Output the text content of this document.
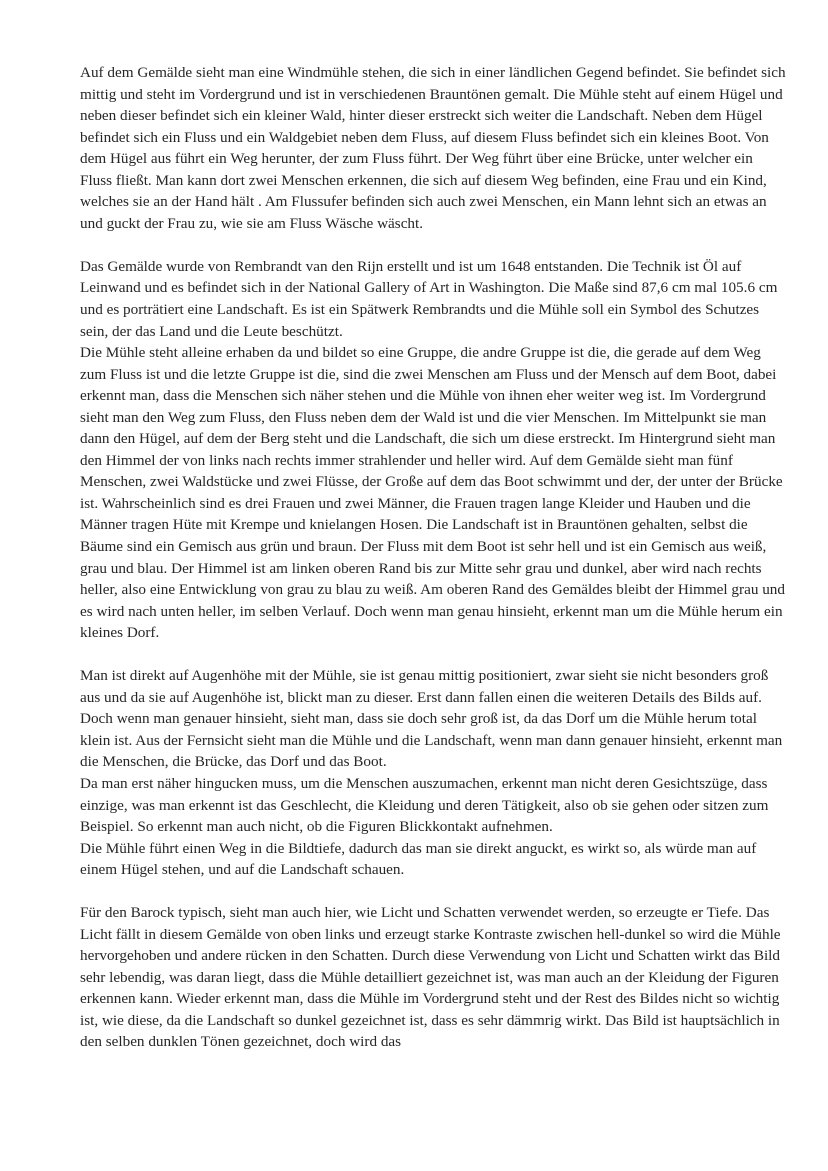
Auf dem Gemälde sieht man eine Windmühle stehen, die sich in einer ländlichen Gegend befindet. Sie befindet sich mittig und steht im Vordergrund und ist in verschiedenen Brauntönen gemalt. Die Mühle steht auf einem Hügel und neben dieser befindet sich ein kleiner Wald, hinter dieser erstreckt sich weiter die Landschaft. Neben dem Hügel befindet sich ein Fluss und ein Waldgebiet neben dem Fluss, auf diesem Fluss befindet sich ein kleines Boot. Von dem Hügel aus führt ein Weg herunter, der zum Fluss führt. Der Weg führt über eine Brücke, unter welcher ein Fluss fließt. Man kann dort zwei Menschen erkennen, die sich auf diesem Weg befinden, eine Frau und ein Kind, welches sie an der Hand hält . Am Flussufer befinden sich auch zwei Menschen, ein Mann lehnt sich an etwas an und guckt der Frau zu, wie sie am Fluss Wäsche wäscht.

Das Gemälde wurde von Rembrandt van den Rijn erstellt und ist um 1648 entstanden. Die Technik ist Öl auf Leinwand und es befindet sich in der National Gallery of Art in Washington. Die Maße sind 87,6 cm mal 105.6 cm und es porträtiert eine Landschaft. Es ist ein Spätwerk Rembrandts und die Mühle soll ein Symbol des Schutzes sein, der das Land und die Leute beschützt.

Die Mühle steht alleine erhaben da und bildet so eine Gruppe, die andre Gruppe ist die, die gerade auf dem Weg zum Fluss ist und die letzte Gruppe ist die, sind die zwei Menschen am Fluss und der Mensch auf dem Boot, dabei erkennt man, dass die Menschen sich näher stehen und die Mühle von ihnen eher weiter weg ist. Im Vordergrund sieht man den Weg zum Fluss, den Fluss neben dem der Wald ist und die vier Menschen. Im Mittelpunkt sie man dann den Hügel, auf dem der Berg steht und die Landschaft, die sich um diese erstreckt. Im Hintergrund sieht man den Himmel der von links nach rechts immer strahlender und heller wird. Auf dem Gemälde sieht man fünf Menschen, zwei Waldstücke und zwei Flüsse, der Große auf dem das Boot schwimmt und der, der unter der Brücke ist. Wahrscheinlich sind es drei Frauen und zwei Männer, die Frauen tragen lange Kleider und Hauben und die Männer tragen Hüte mit Krempe und knielangen Hosen. Die Landschaft ist in Brauntönen gehalten, selbst die Bäume sind ein Gemisch aus grün und braun. Der Fluss mit dem Boot ist sehr hell und ist ein Gemisch aus weiß, grau und blau. Der Himmel ist am linken oberen Rand bis zur Mitte sehr grau und dunkel, aber wird nach rechts heller, also eine Entwicklung von grau zu blau zu weiß. Am oberen Rand des Gemäldes bleibt der Himmel grau und es wird nach unten heller, im selben Verlauf. Doch wenn man genau hinsieht, erkennt man um die Mühle herum ein kleines Dorf.

Man ist direkt auf Augenhöhe mit der Mühle, sie ist genau mittig positioniert, zwar sieht sie nicht besonders groß aus und da sie auf Augenhöhe ist, blickt man zu dieser. Erst dann fallen einen die weiteren Details des Bilds auf. Doch wenn man genauer hinsieht, sieht man, dass sie doch sehr groß ist, da das Dorf um die Mühle herum total klein ist. Aus der Fernsicht sieht man die Mühle und die Landschaft, wenn man dann genauer hinsieht, erkennt man die Menschen, die Brücke, das Dorf und das Boot.

Da man erst näher hingucken muss, um die Menschen auszumachen, erkennt man nicht deren Gesichtszüge, dass einzige, was man erkennt ist das Geschlecht, die Kleidung und deren Tätigkeit, also ob sie gehen oder sitzen zum Beispiel. So erkennt man auch nicht, ob die Figuren Blickkontakt aufnehmen.

Die Mühle führt einen Weg in die Bildtiefe, dadurch das man sie direkt anguckt, es wirkt so, als würde man auf einem Hügel stehen, und auf die Landschaft schauen.

Für den Barock typisch, sieht man auch hier, wie Licht und Schatten verwendet werden, so erzeugte er Tiefe. Das Licht fällt in diesem Gemälde von oben links und erzeugt starke Kontraste zwischen hell-dunkel so wird die Mühle hervorgehoben und andere rücken in den Schatten. Durch diese Verwendung von Licht und Schatten wirkt das Bild sehr lebendig, was daran liegt, dass die Mühle detailliert gezeichnet ist, was man auch an der Kleidung der Figuren erkennen kann. Wieder erkennt man, dass die Mühle im Vordergrund steht und der Rest des Bildes nicht so wichtig ist, wie diese, da die Landschaft so dunkel gezeichnet ist, dass es sehr dämmrig wirkt. Das Bild ist hauptsächlich in den selben dunklen Tönen gezeichnet, doch wird das
